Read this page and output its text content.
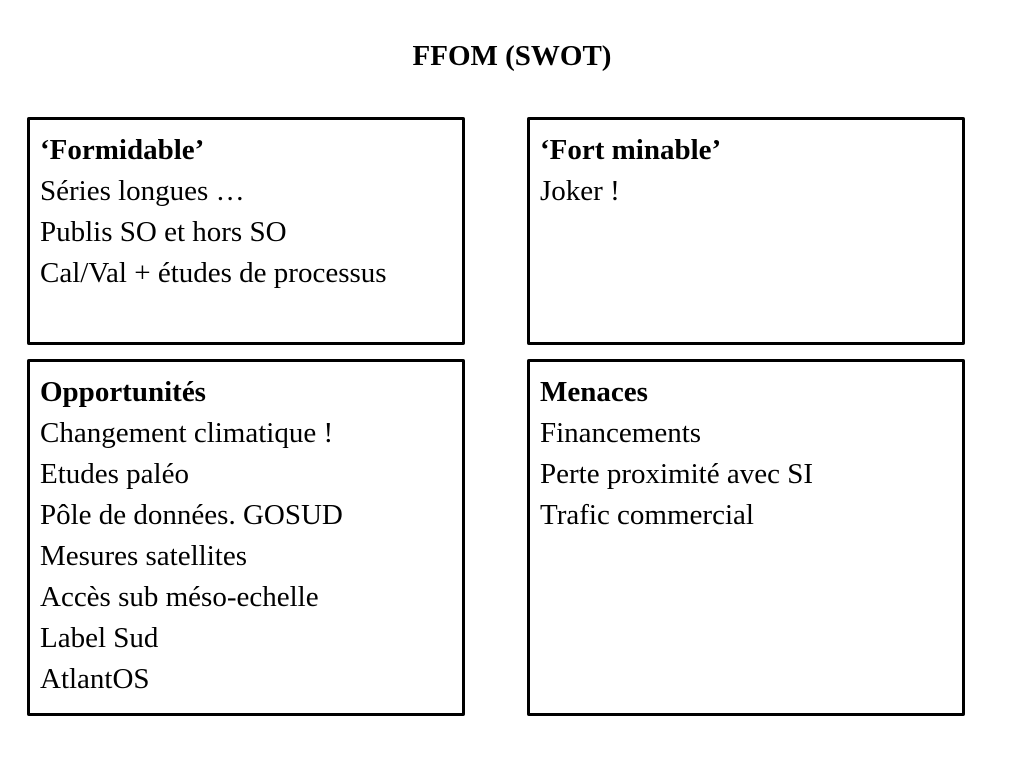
FFOM (SWOT)
‘Formidable’
Séries longues …
Publis SO et hors SO
Cal/Val + études de processus
‘Fort minable’
Joker !
Opportunités
Changement climatique !
Etudes paléo
Pôle de données. GOSUD
Mesures satellites
Accès sub méso-echelle
Label Sud
AtlantOS
Menaces
Financements
Perte proximité avec SI
Trafic commercial
